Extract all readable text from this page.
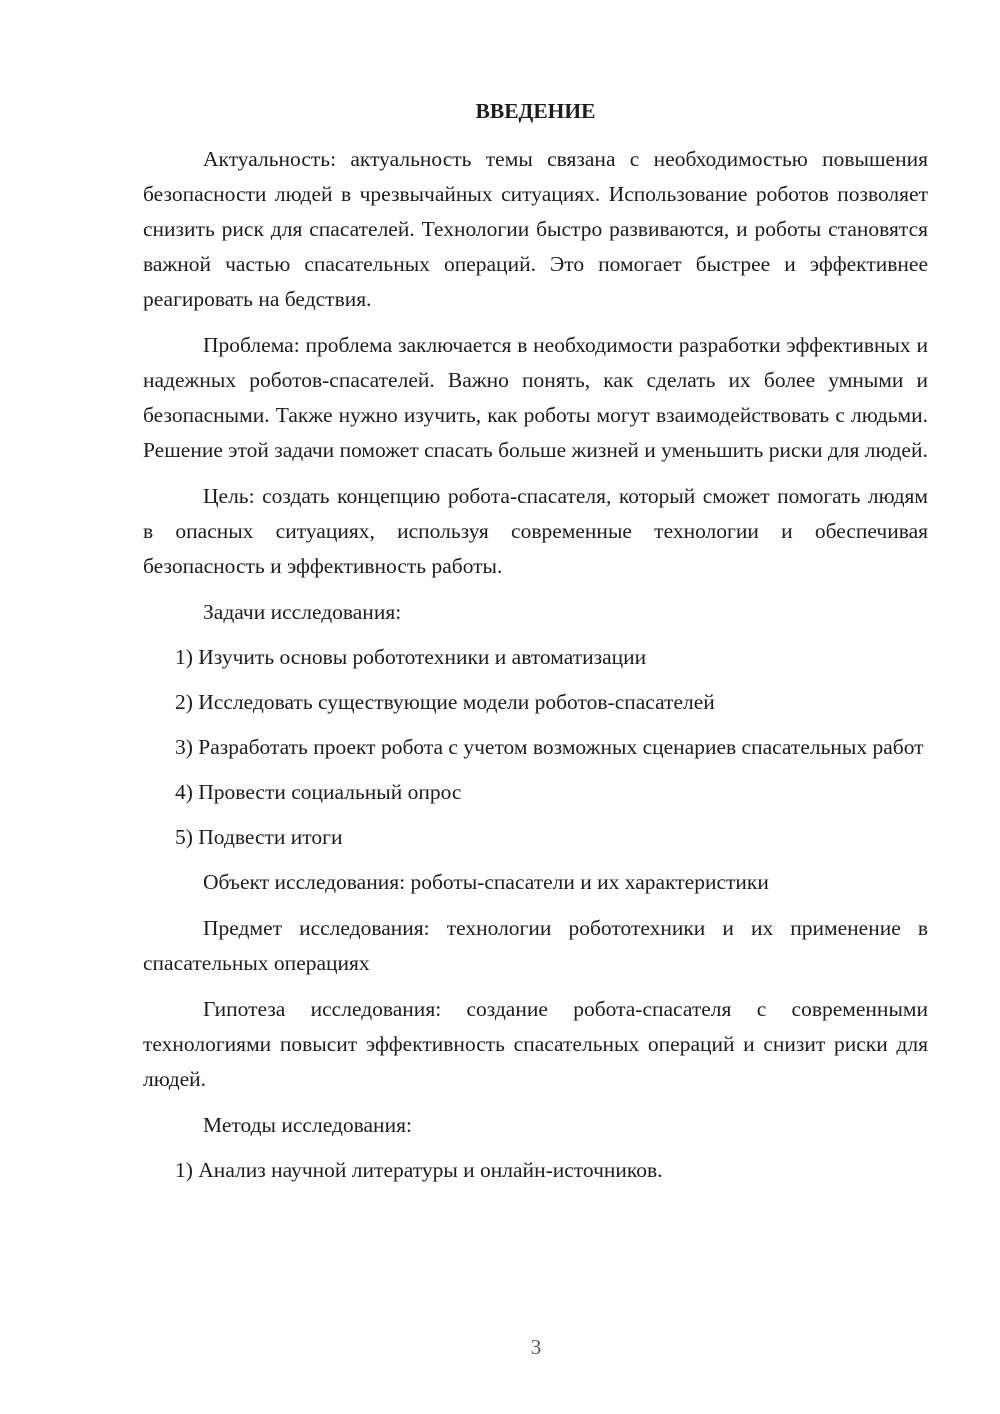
ВВЕДЕНИЕ

Актуальность: актуальность темы связана с необходимостью повышения безопасности людей в чрезвычайных ситуациях. Использование роботов позволяет снизить риск для спасателей. Технологии быстро развиваются, и роботы становятся важной частью спасательных операций. Это помогает быстрее и эффективнее реагировать на бедствия.

Проблема: проблема заключается в необходимости разработки эффективных и надежных роботов-спасателей. Важно понять, как сделать их более умными и безопасными. Также нужно изучить, как роботы могут взаимодействовать с людьми. Решение этой задачи поможет спасать больше жизней и уменьшить риски для людей.

Цель: создать концепцию робота-спасателя, который сможет помогать людям в опасных ситуациях, используя современные технологии и обеспечивая безопасность и эффективность работы.

Задачи исследования:

1) Изучить основы робототехники и автоматизации

2) Исследовать существующие модели роботов-спасателей

3) Разработать проект робота с учетом возможных сценариев спасательных работ

4) Провести социальный опрос

5) Подвести итоги

Объект исследования: роботы-спасатели и их характеристики

Предмет исследования: технологии робототехники и их применение в спасательных операциях

Гипотеза исследования: создание робота-спасателя с современными технологиями повысит эффективность спасательных операций и снизит риски для людей.

Методы исследования:

1) Анализ научной литературы и онлайн-источников.

3
